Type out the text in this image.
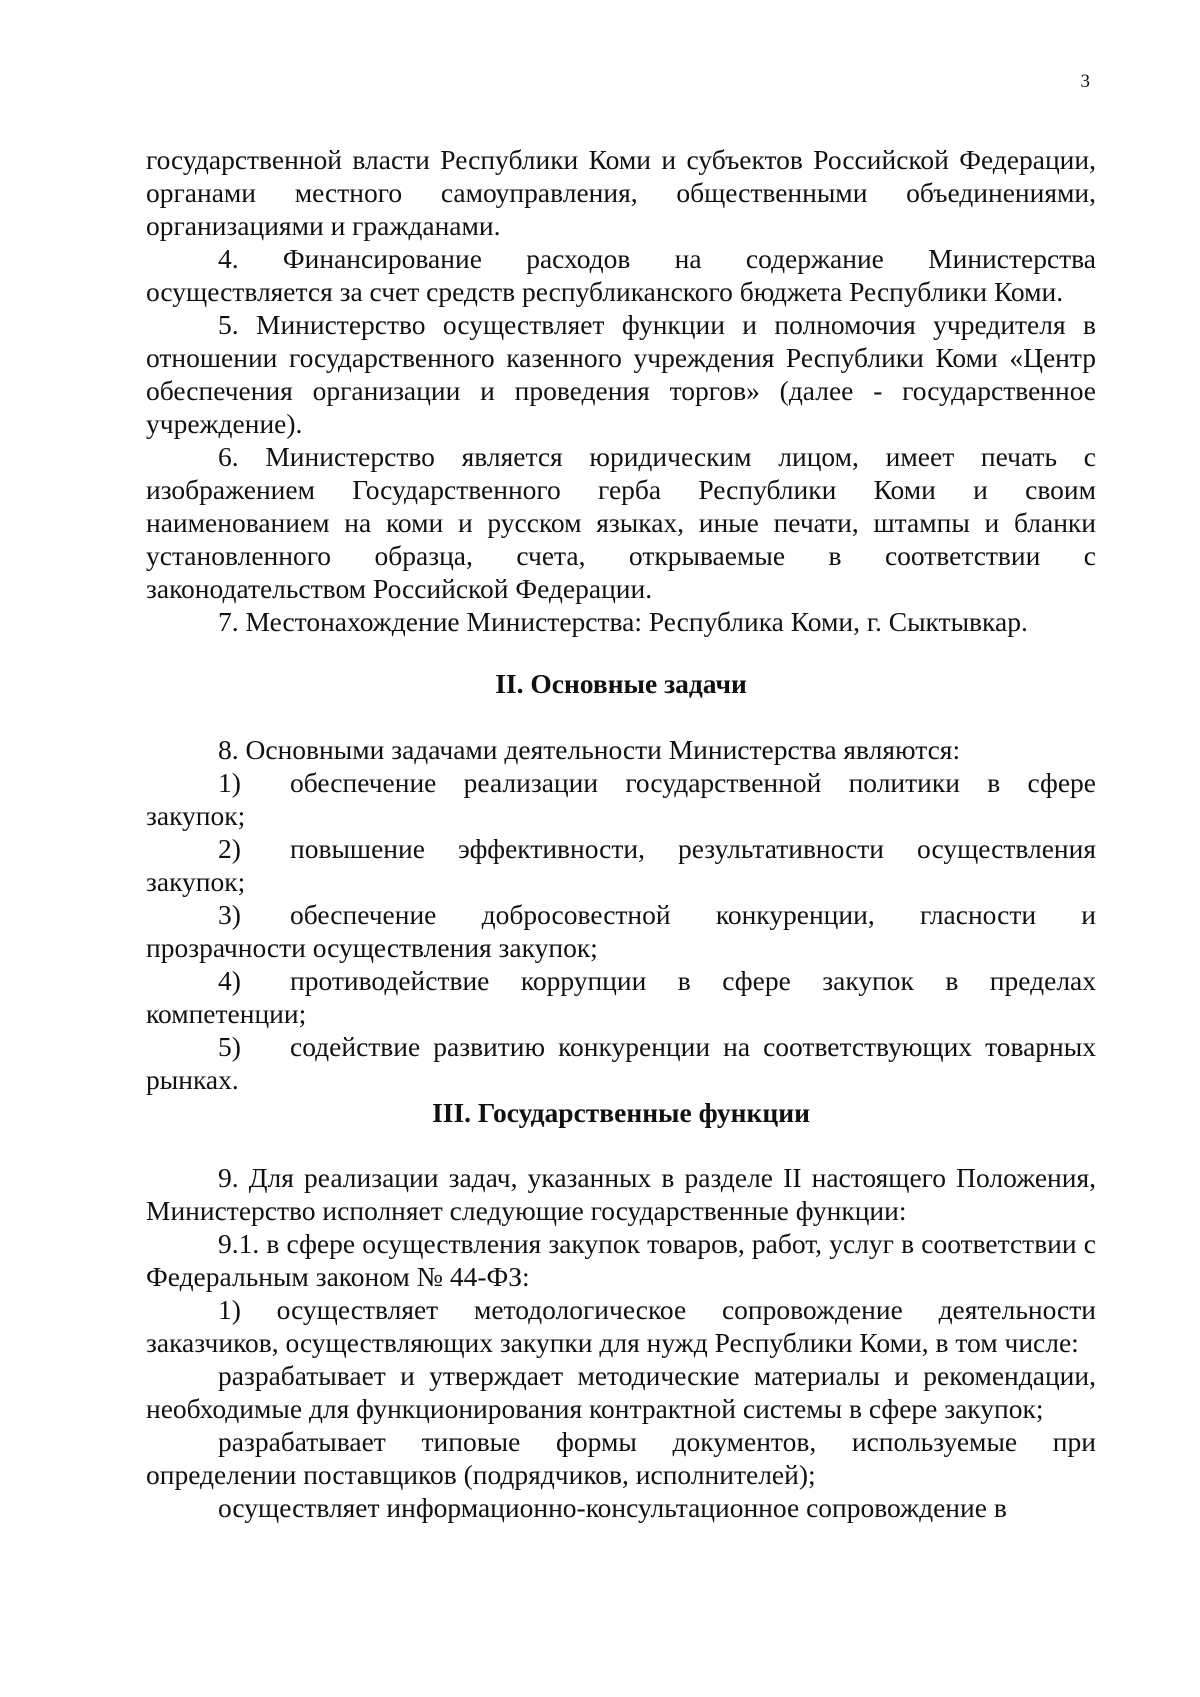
3

государственной власти Республики Коми и субъектов Российской Федерации, органами местного самоуправления, общественными объединениями, организациями и гражданами.

4. Финансирование расходов на содержание Министерства осуществляется за счет средств республиканского бюджета Республики Коми.

5. Министерство осуществляет функции и полномочия учредителя в отношении государственного казенного учреждения Республики Коми «Центр обеспечения организации и проведения торгов» (далее - государственное учреждение).

6. Министерство является юридическим лицом, имеет печать с изображением Государственного герба Республики Коми и своим наименованием на коми и русском языках, иные печати, штампы и бланки установленного образца, счета, открываемые в соответствии с законодательством Российской Федерации.

7. Местонахождение Министерства: Республика Коми, г. Сыктывкар.

II. Основные задачи

8. Основными задачами деятельности Министерства являются:

1) обеспечение реализации государственной политики в сфере закупок;

2) повышение эффективности, результативности осуществления закупок;

3) обеспечение добросовестной конкуренции, гласности и прозрачности осуществления закупок;

4) противодействие коррупции в сфере закупок в пределах компетенции;

5) содействие развитию конкуренции на соответствующих товарных рынках.

III. Государственные функции

9. Для реализации задач, указанных в разделе II настоящего Положения, Министерство исполняет следующие государственные функции:

9.1. в сфере осуществления закупок товаров, работ, услуг в соответствии с Федеральным законом № 44-ФЗ:

1) осуществляет методологическое сопровождение деятельности заказчиков, осуществляющих закупки для нужд Республики Коми, в том числе:

разрабатывает и утверждает методические материалы и рекомендации, необходимые для функционирования контрактной системы в сфере закупок;

разрабатывает типовые формы документов, используемые при определении поставщиков (подрядчиков, исполнителей);

осуществляет информационно-консультационное сопровождение в
